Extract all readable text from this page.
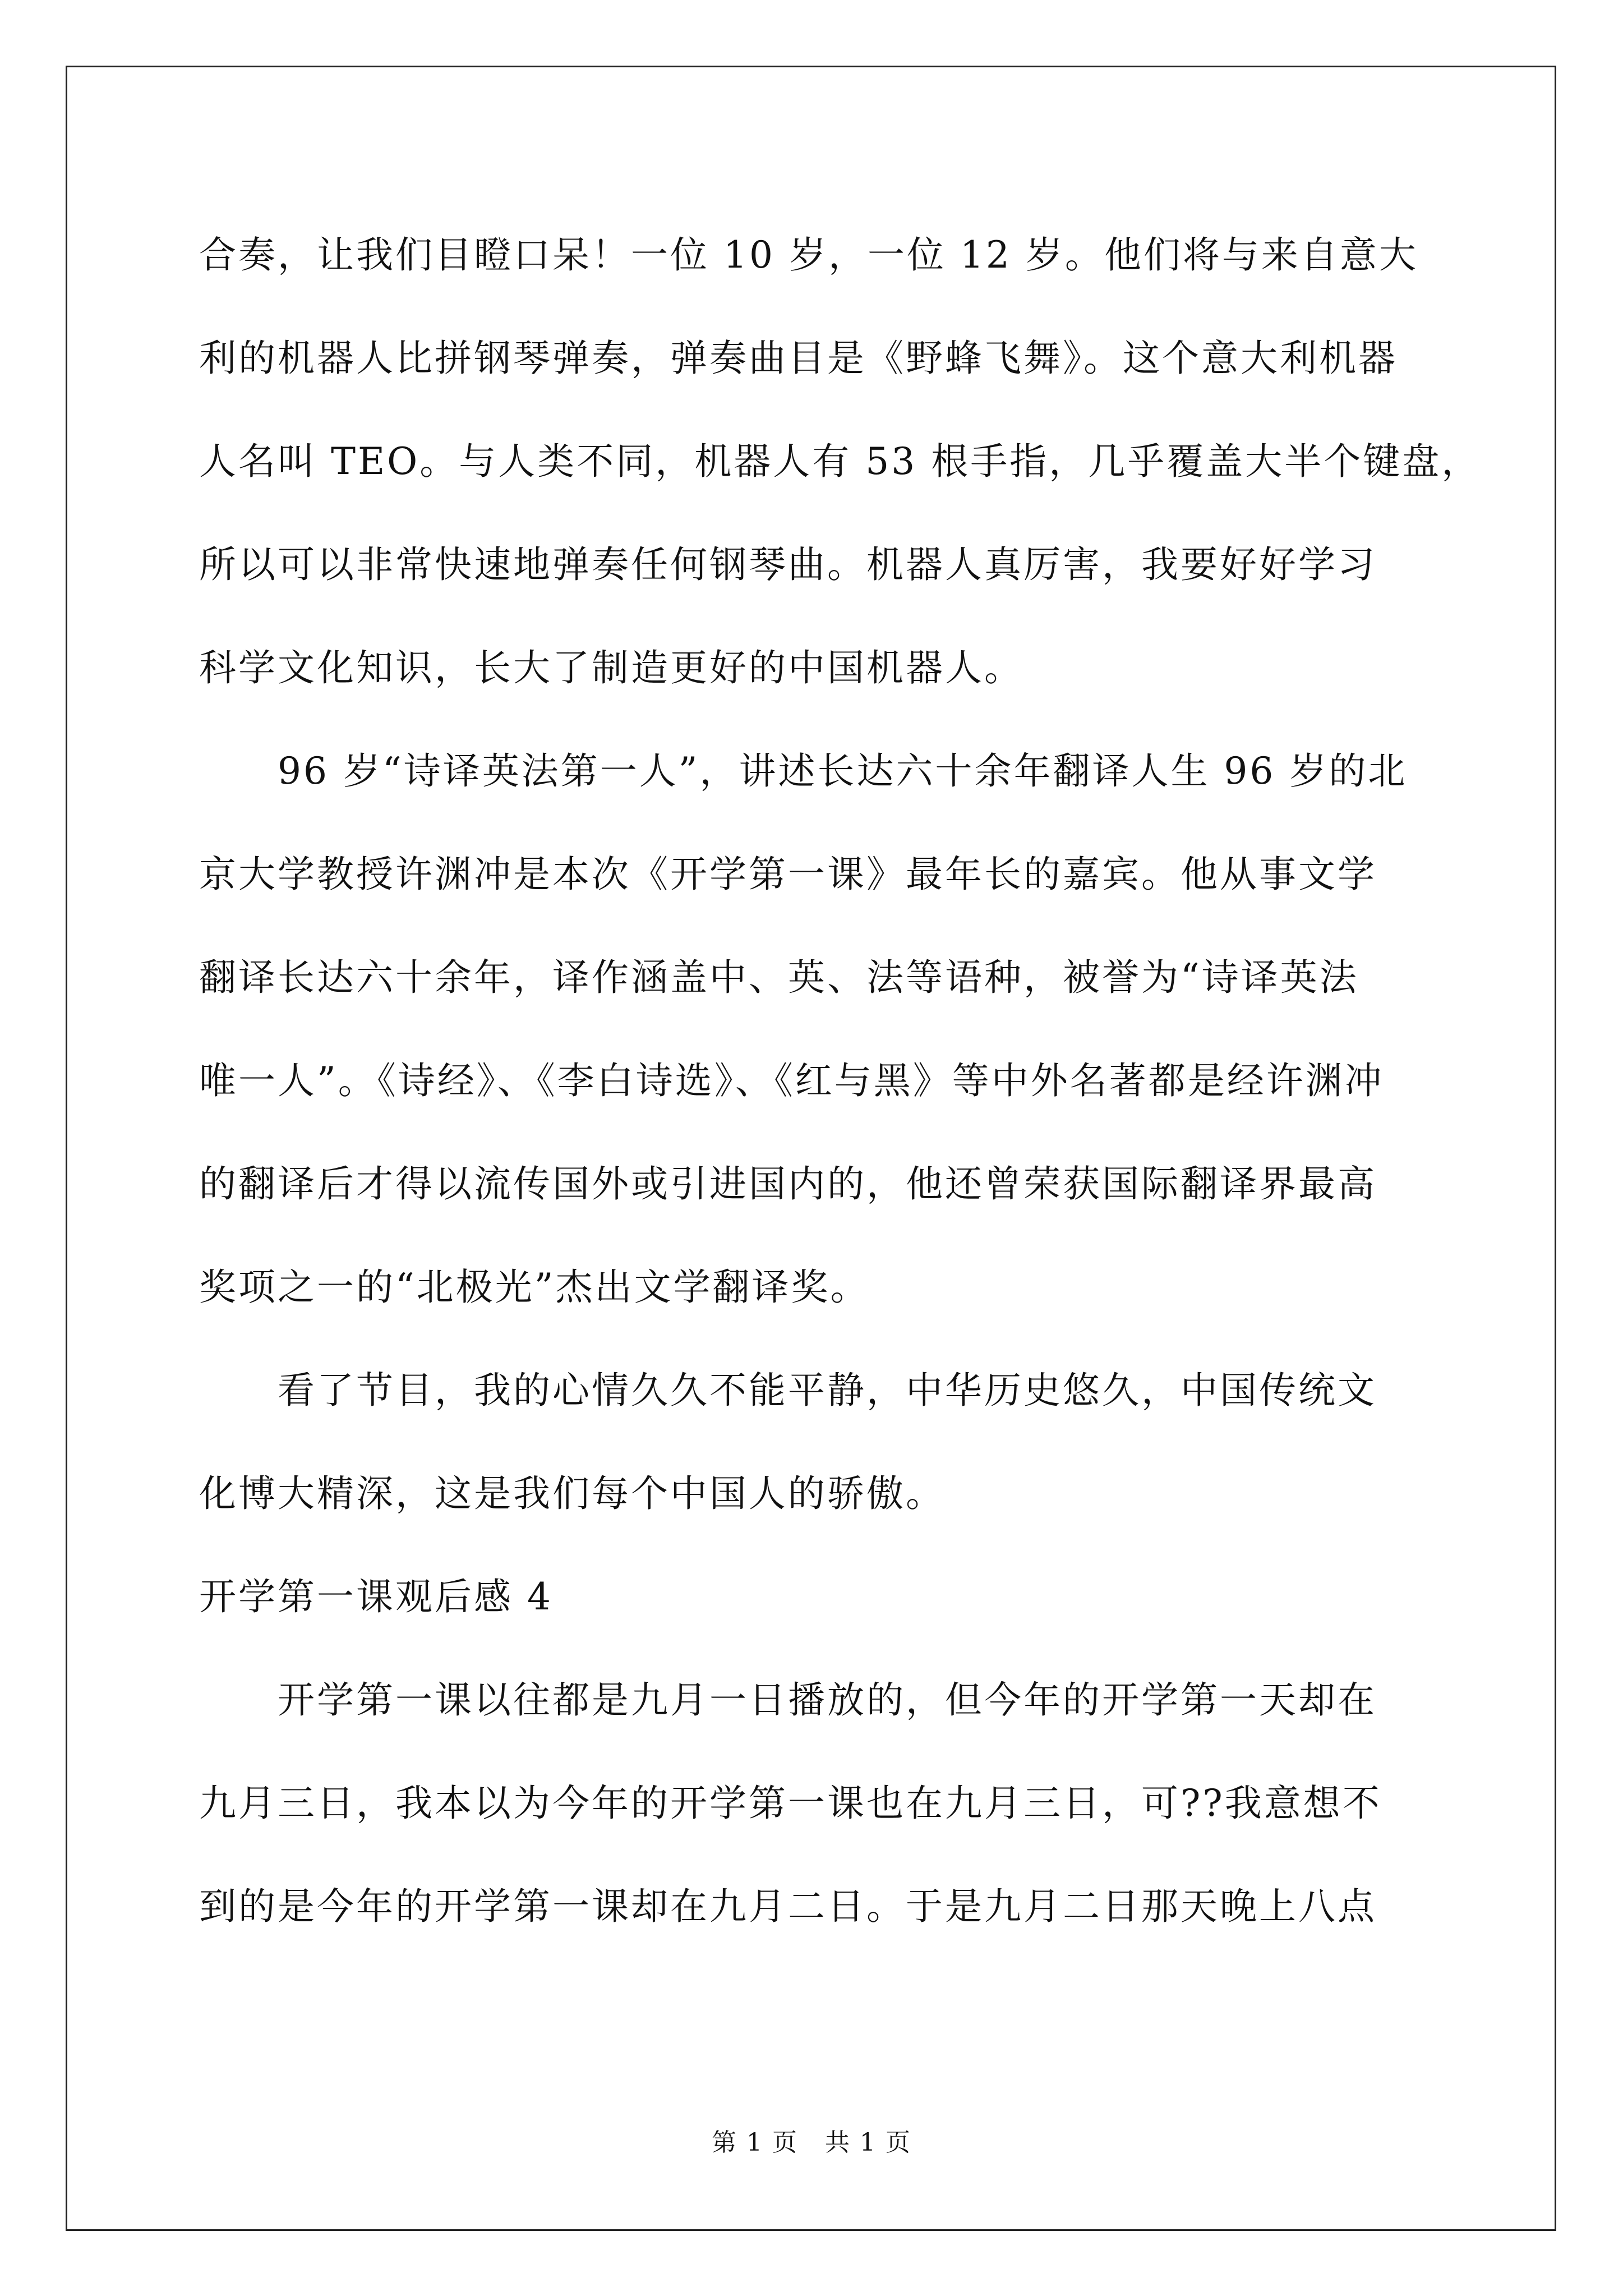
合奏，让我们目瞪口呆！一位 10 岁，一位 12 岁。他们将与来自意大
利的机器人比拼钢琴弹奏，弹奏曲目是《野蜂飞舞》。这个意大利机器
人名叫 TEO。与人类不同，机器人有 53 根手指，几乎覆盖大半个键盘，
所以可以非常快速地弹奏任何钢琴曲。机器人真厉害，我要好好学习
科学文化知识，长大了制造更好的中国机器人。
96 岁“诗译英法第一人”，讲述长达六十余年翻译人生 96 岁的北
京大学教授许渊冲是本次《开学第一课》最年长的嘉宾。他从事文学
翻译长达六十余年，译作涵盖中、英、法等语种，被誉为“诗译英法
唯一人”。《诗经》、《李白诗选》、《红与黑》等中外名著都是经许渊冲
的翻译后才得以流传国外或引进国内的，他还曾荣获国际翻译界最高
奖项之一的“北极光”杰出文学翻译奖。
看了节目，我的心情久久不能平静，中华历史悠久，中国传统文
化博大精深，这是我们每个中国人的骄傲。
开学第一课观后感 4
开学第一课以往都是九月一日播放的，但今年的开学第一天却在
九月三日，我本以为今年的开学第一课也在九月三日，可??我意想不
到的是今年的开学第一课却在九月二日。于是九月二日那天晚上八点
第 1 页 共 1 页
